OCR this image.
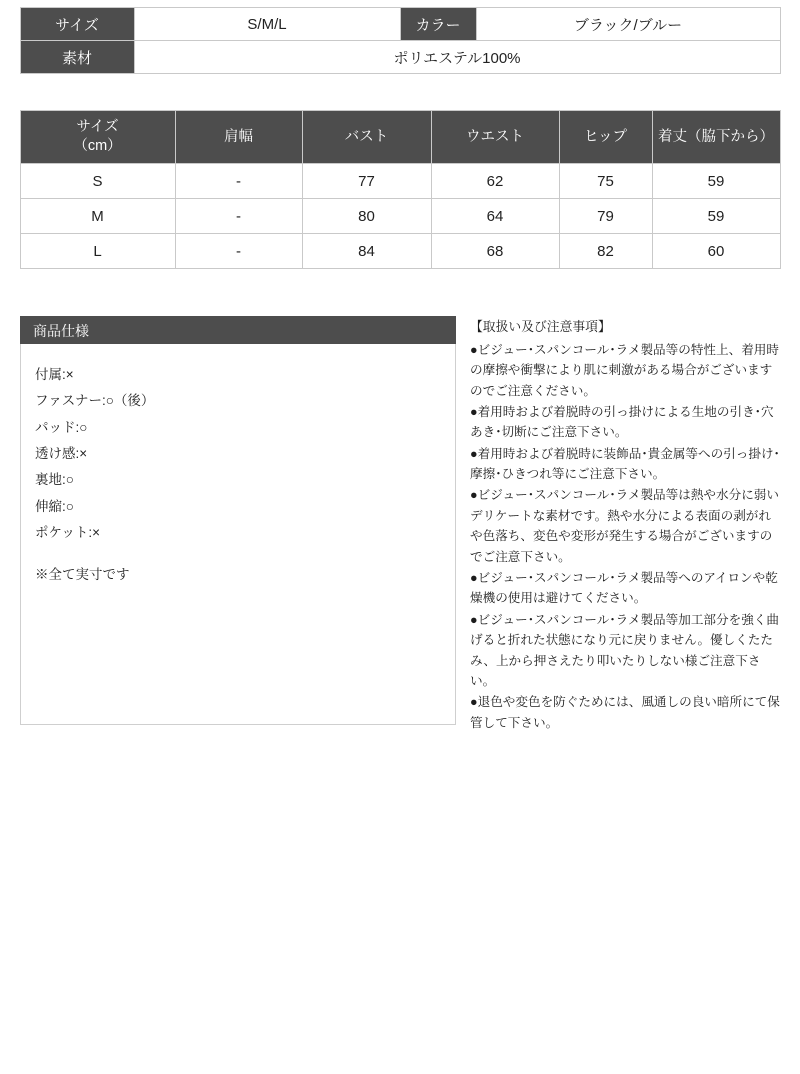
サイズ	S/M/L	カラー	ブラック/ブルー
素材	ポリエステル100%		
サイズ
（cm）	肩幅	バスト	ウエスト	ヒップ	着丈（脇下から）
S	-	77	62	75	59
M	-	80	64	79	59
L	-	84	68	82	60
商品仕様
付属:×
ファスナー:○（後）
パッド:○
透け感:×
裏地:○
伸縮:○
ポケット:×
※全て実寸です
【取扱い及び注意事項】

●ビジュー･スパンコール･ラメ製品等の特性上、着用時の摩擦や衝撃により肌に刺激がある場合がございますのでご注意ください。

●着用時および着脱時の引っ掛けによる生地の引き･穴あき･切断にご注意下さい。

●着用時および着脱時に装飾品･貴金属等への引っ掛け･摩擦･ひきつれ等にご注意下さい。

●ビジュー･スパンコール･ラメ製品等は熱や水分に弱いデリケートな素材です。熱や水分による表面の剥がれや色落ち、変色や変形が発生する場合がございますのでご注意下さい。

●ビジュー･スパンコール･ラメ製品等へのアイロンや乾燥機の使用は避けてください。

●ビジュー･スパンコール･ラメ製品等加工部分を強く曲げると折れた状態になり元に戻りません。優しくたたみ、上から押さえたり叩いたりしない様ご注意下さい。

●退色や変色を防ぐためには、風通しの良い暗所にて保管して下さい。
